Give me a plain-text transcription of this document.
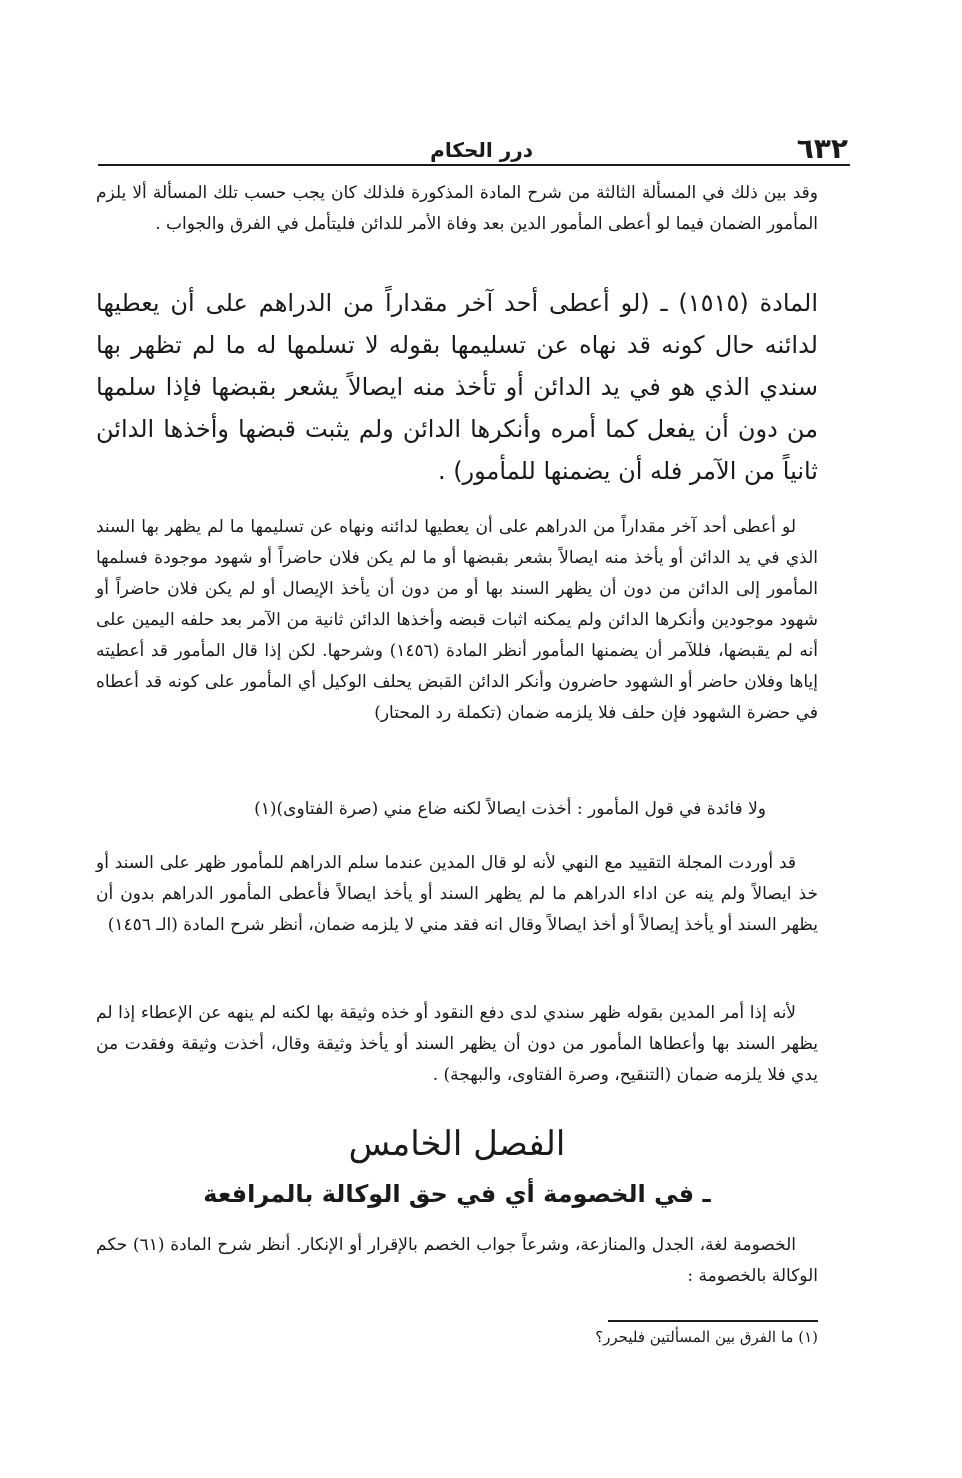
٦٣٢
درر الحكام

وقد بين ذلك في المسألة الثالثة من شرح المادة المذكورة فلذلك كان يجب حسب تلك المسألة ألا يلزم المأمور الضمان فيما لو أعطى المأمور الدين بعد وفاة الأمر للدائن فليتأمل في الفرق والجواب .

المادة (١٥١٥) ـ (لو أعطى أحد آخر مقداراً من الدراهم على أن يعطيها لدائنه حال كونه قد نهاه عن تسليمها بقوله لا تسلمها له ما لم تظهر بها سندي الذي هو في يد الدائن أو تأخذ منه ايصالاً يشعر بقبضها فإذا سلمها من دون أن يفعل كما أمره وأنكرها الدائن ولم يثبت قبضها وأخذها الدائن ثانياً من الآمر فله أن يضمنها للمأمور) .

لو أعطى أحد آخر مقداراً من الدراهم على أن يعطيها لدائنه ونهاه عن تسليمها ما لم يظهر بها السند الذي في يد الدائن أو يأخذ منه ايصالاً بشعر بقبضها أو ما لم يكن فلان حاضراً أو شهود موجودة فسلمها المأمور إلى الدائن من دون أن يظهر السند بها أو من دون أن يأخذ الإيصال أو لم يكن فلان حاضراً أو شهود موجودين وأنكرها الدائن ولم يمكنه اثبات قبضه وأخذها الدائن ثانية من الآمر بعد حلفه اليمين على أنه لم يقبضها، فللآمر أن يضمنها المأمور أنظر المادة (١٤٥٦) وشرحها. لكن إذا قال المأمور قد أعطيته إياها وفلان حاضر أو الشهود حاضرون وأنكر الدائن القبض يحلف الوكيل أي المأمور على كونه قد أعطاه في حضرة الشهود فإن حلف فلا يلزمه ضمان (تكملة رد المحتار)

ولا فائدة في قول المأمور : أخذت ايصالاً لكنه ضاع مني (صرة الفتاوى)(١)

قد أوردت المجلة التقييد مع النهي لأنه لو قال المدين عندما سلم الدراهم للمأمور ظهر على السند أو خذ ايصالاً ولم ينه عن اداء الدراهم ما لم يظهر السند أو يأخذ ايصالاً فأعطى المأمور الدراهم بدون أن يظهر السند أو يأخذ إيصالاً أو أخذ ايصالاً وقال انه فقد مني لا يلزمه ضمان، أنظر شرح المادة (الـ ١٤٥٦)

لأنه إذا أمر المدين بقوله ظهر سندي لدى دفع النقود أو خذه وثيقة بها لكنه لم ينهه عن الإعطاء إذا لم يظهر السند بها وأعطاها المأمور من دون أن يظهر السند أو يأخذ وثيقة وقال، أخذت وثيقة وفقدت من يدي فلا يلزمه ضمان (التنقيح، وصرة الفتاوى، والبهجة) .

الفصل الخامس
ـ في الخصومة أي في حق الوكالة بالمرافعة

الخصومة لغة، الجدل والمنازعة، وشرعاً جواب الخصم بالإقرار أو الإنكار. أنظر شرح المادة (٦١) حكم الوكالة بالخصومة :

(١) ما الفرق بين المسألتين فليحرر؟
